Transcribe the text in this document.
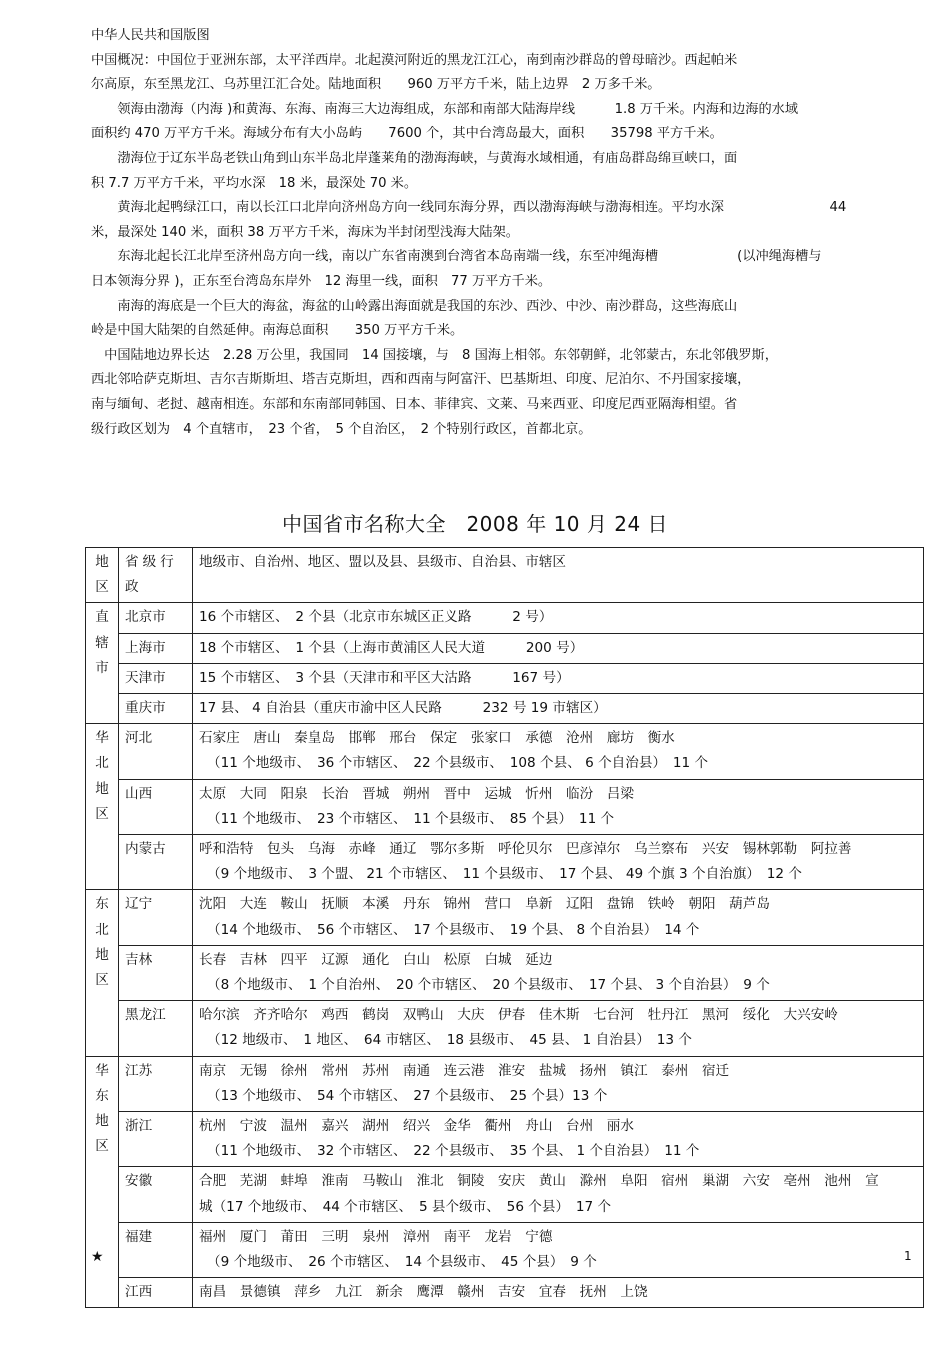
中华人民共和国版图

中国概况：中国位于亚洲东部，太平洋西岸。北起漠河附近的黑龙江江心，南到南沙群岛的曾母暗沙。西起帕米

尔高原，东至黑龙江、乌苏里江汇合处。陆地面积　　960 万平方千米，陆上边界　2 万多千米。

　　领海由渤海（内海 )和黄海、东海、南海三大边海组成，东部和南部大陆海岸线　　　1.8 万千米。内海和边海的水域

面积约 470 万平方千米。海域分布有大小岛屿　　7600 个，其中台湾岛最大，面积　　35798 平方千米。

　　渤海位于辽东半岛老铁山角到山东半岛北岸蓬莱角的渤海海峡，与黄海水域相通，有庙岛群岛绵亘峡口，面

积 7.7 万平方千米，平均水深　18 米，最深处 70 米。

　　黄海北起鸭绿江口，南以长江口北岸向济州岛方向一线同东海分界，西以渤海海峡与渤海相连。平均水深　　　　　　　　44

米，最深处 140 米，面积 38 万平方千米，海床为半封闭型浅海大陆架。

　　东海北起长江北岸至济州岛方向一线，南以广东省南澳到台湾省本岛南端一线，东至冲绳海槽　　　　　　(以冲绳海槽与

日本领海分界 )，正东至台湾岛东岸外　12 海里一线，面积　77 万平方千米。

　　南海的海底是一个巨大的海盆，海盆的山岭露出海面就是我国的东沙、西沙、中沙、南沙群岛，这些海底山

岭是中国大陆架的自然延伸。南海总面积　　350 万平方千米。

　中国陆地边界长达　2.28 万公里，我国同　14 国接壤，与　8 国海上相邻。东邻朝鲜，北邻蒙古，东北邻俄罗斯，

西北邻哈萨克斯坦、吉尔吉斯斯坦、塔吉克斯坦，西和西南与阿富汗、巴基斯坦、印度、尼泊尔、不丹国家接壤，

南与缅甸、老挝、越南相连。东部和东南部同韩国、日本、菲律宾、文莱、马来西亚、印度尼西亚隔海相望。省

级行政区划为　4 个直辖市，　23 个省，　5 个自治区，　2 个特别行政区，首都北京。

中国省市名称大全　2008 年 10 月 24 日
地
区	省级行
政	地级市、自治州、地区、盟以及县、县级市、自治县、市辖区

直
辖
市	北京市	16 个市辖区、　2 个县（北京市东城区正义路　　　2 号）

	上海市	18 个市辖区、　1 个县（上海市黄浦区人民大道　　　200 号）

	天津市	15 个市辖区、　3 个县（天津市和平区大沽路　　　167 号）

	重庆市	17 县、 4 自治县（重庆市渝中区人民路　　　232 号 19 市辖区）

华
北
地
区	河北	石家庄　唐山　秦皇岛　邯郸　邢台　保定　张家口　承德　沧州　廊坊　衡水
（11 个地级市、　36 个市辖区、　22 个县级市、　108 个县、 6 个自治县）　11 个

	山西	太原　大同　阳泉　长治　晋城　朔州　晋中　运城　忻州　临汾　吕梁
（11 个地级市、　23 个市辖区、　11 个县级市、　85 个县）　11 个

	内蒙古	呼和浩特　包头　乌海　赤峰　通辽　鄂尔多斯　呼伦贝尔　巴彦淖尔　乌兰察布　兴安　锡林郭勒　阿拉善
（9 个地级市、　3 个盟、 21 个市辖区、　11 个县级市、　17 个县、 49 个旗 3 个自治旗）　12 个

东
北
地
区	辽宁	沈阳　大连　鞍山　抚顺　本溪　丹东　锦州　营口　阜新　辽阳　盘锦　铁岭　朝阳　葫芦岛
（14 个地级市、　56 个市辖区、　17 个县级市、　19 个县、 8 个自治县）　14 个

	吉林	长春　吉林　四平　辽源　通化　白山　松原　白城　延边
（8 个地级市、　1 个自治州、　20 个市辖区、　20 个县级市、　17 个县、 3 个自治县）　9 个

	黑龙江	哈尔滨　齐齐哈尔　鸡西　鹤岗　双鸭山　大庆　伊春　佳木斯　七台河　牡丹江　黑河　绥化　大兴安岭
（12 地级市、　1 地区、　64 市辖区、　18 县级市、　45 县、 1 自治县）　13 个

华
东
地
区	江苏	南京　无锡　徐州　常州　苏州　南通　连云港　淮安　盐城　扬州　镇江　泰州　宿迁
（13 个地级市、　54 个市辖区、　27 个县级市、　25 个县）13 个

	浙江	杭州　宁波　温州　嘉兴　湖州　绍兴　金华　衢州　舟山　台州　丽水
（11 个地级市、　32 个市辖区、　22 个县级市、　35 个县、 1 个自治县）　11 个

	安徽	合肥　芜湖　蚌埠　淮南　马鞍山　淮北　铜陵　安庆　黄山　滁州　阜阳　宿州　巢湖　六安　亳州　池州　宣
城（17 个地级市、　44 个市辖区、　5 县个级市、　56 个县）　17 个

	福建	福州　厦门　莆田　三明　泉州　漳州　南平　龙岩　宁德
（9 个地级市、　26 个市辖区、　14 个县级市、　45 个县）　9 个

	江西	南昌　景德镇　萍乡　九江　新余　鹰潭　赣州　吉安　宜春　抚州　上饶
★	1
